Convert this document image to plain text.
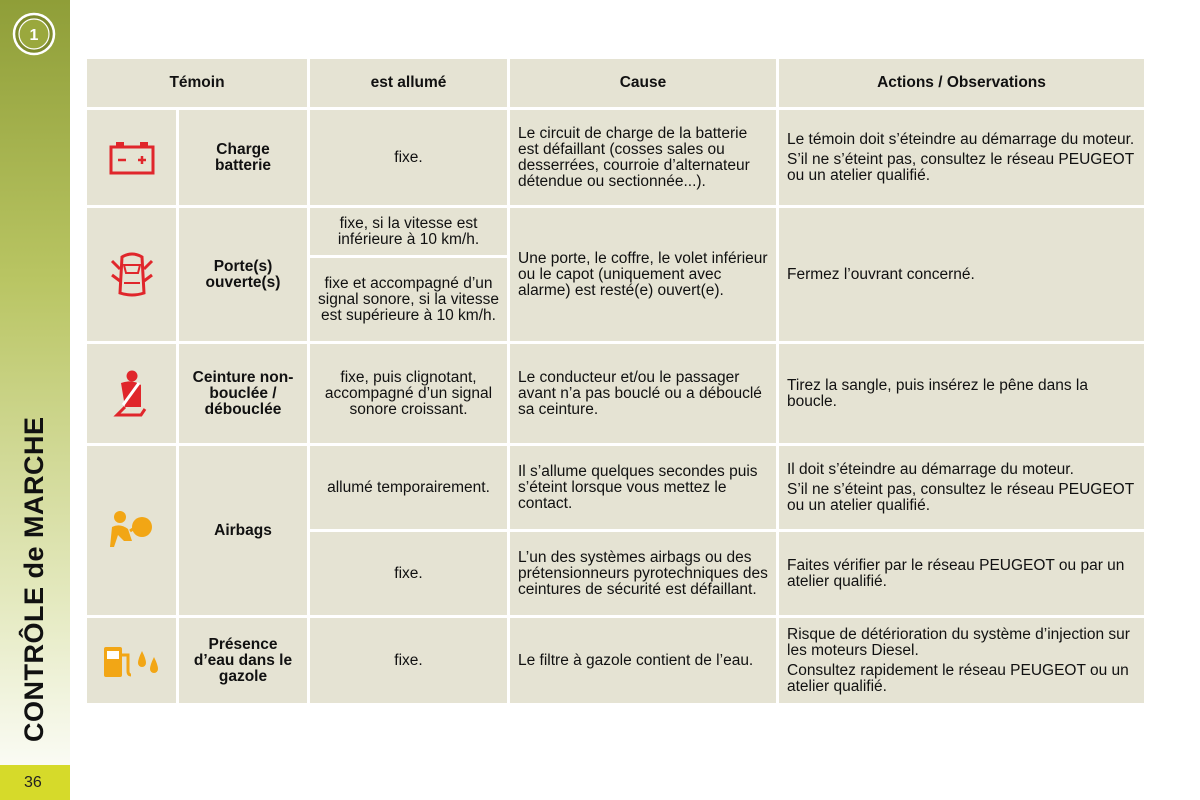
1
CONTRÔLE de MARCHE
36
Témoin		est allumé	Cause	Actions / Observations
	Charge batterie	fixe.	Le circuit de charge de la batterie est défaillant (cosses sales ou desserrées, courroie d’alternateur détendue ou sectionnée...).	Le témoin doit s’éteindre au démarrage du moteur.

S’il ne s’éteint pas, consultez le réseau PEUGEOT ou un atelier qualifié.

	Porte(s) ouverte(s)	fixe, si la vitesse est inférieure à 10 km/h.	Une porte, le coffre, le volet inférieur ou le capot (uniquement avec alarme) est resté(e) ouvert(e).	Fermez l’ouvrant concerné.

		fixe et accompagné d’un signal sonore, si la vitesse est supérieure à 10 km/h.		
	Ceinture non-bouclée / débouclée	fixe, puis clignotant, accompagné d’un signal sonore croissant.	Le conducteur et/ou le passager avant n’a pas bouclé ou a débouclé sa ceinture.	Tirez la sangle, puis insérez le pêne dans la boucle.

	Airbags	allumé temporairement.	Il s’allume quelques secondes puis s’éteint lorsque vous mettez le contact.	Il doit s’éteindre au démarrage du moteur.

S’il ne s’éteint pas, consultez le réseau PEUGEOT ou un atelier qualifié.

		fixe.	L’un des systèmes airbags ou des prétensionneurs pyrotechniques des ceintures de sécurité est défaillant.	Faites vérifier par le réseau PEUGEOT ou par un atelier qualifié.

	Présence d’eau dans le gazole	fixe.	Le filtre à gazole contient de l’eau.	Risque de détérioration du système d’injection sur les moteurs Diesel.

Consultez rapidement le réseau PEUGEOT ou un atelier qualifié.
